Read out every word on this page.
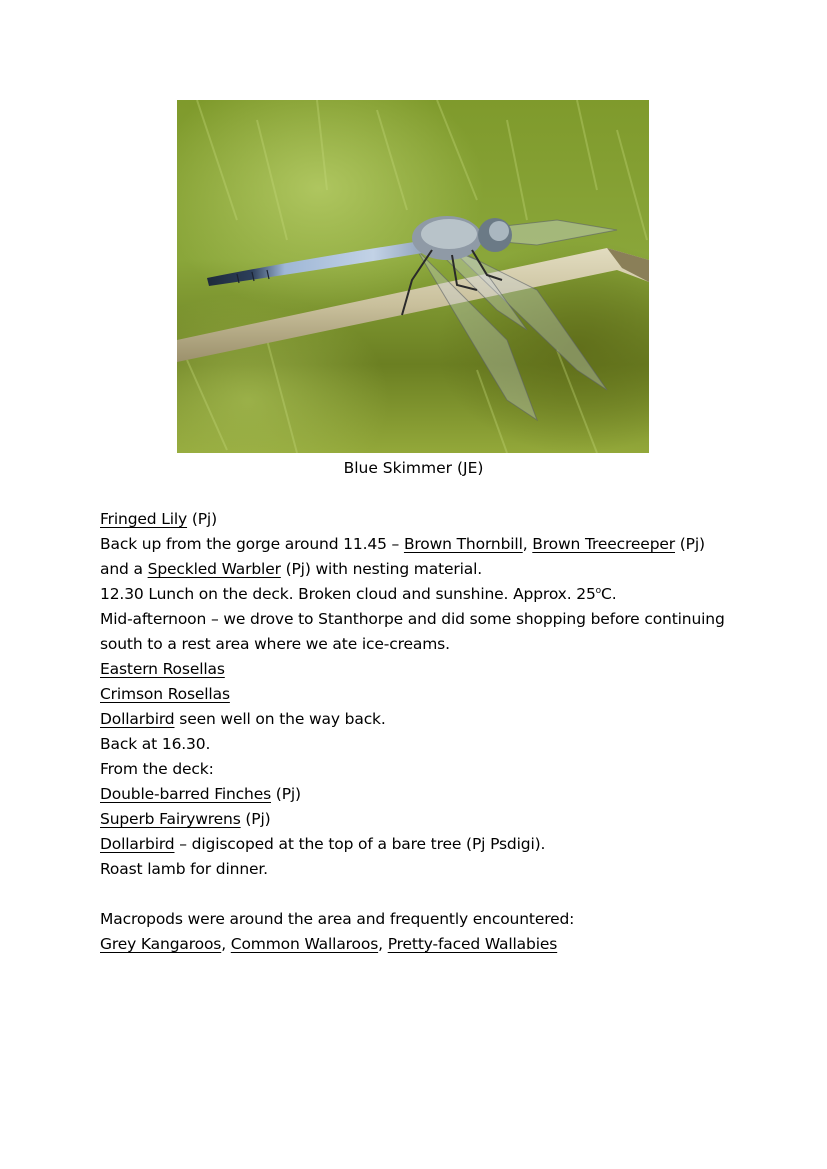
Blue Skimmer (JE)
Fringed Lily (Pj)
Back up from the gorge around 11.45 – Brown Thornbill, Brown Treecreeper (Pj)
and a Speckled Warbler (Pj) with nesting material.
12.30 Lunch on the deck. Broken cloud and sunshine. Approx. 25$^o$C.
Mid-afternoon – we drove to Stanthorpe and did some shopping before continuing
south to a rest area where we ate ice-creams.
Eastern Rosellas
Crimson Rosellas
Dollarbird seen well on the way back.
Back at 16.30.
From the deck:
Double-barred Finches (Pj)
Superb Fairywrens (Pj)
Dollarbird – digiscoped at the top of a bare tree (Pj Psdigi).
Roast lamb for dinner.
Macropods were around the area and frequently encountered:
Grey Kangaroos, Common Wallaroos, Pretty-faced Wallabies
